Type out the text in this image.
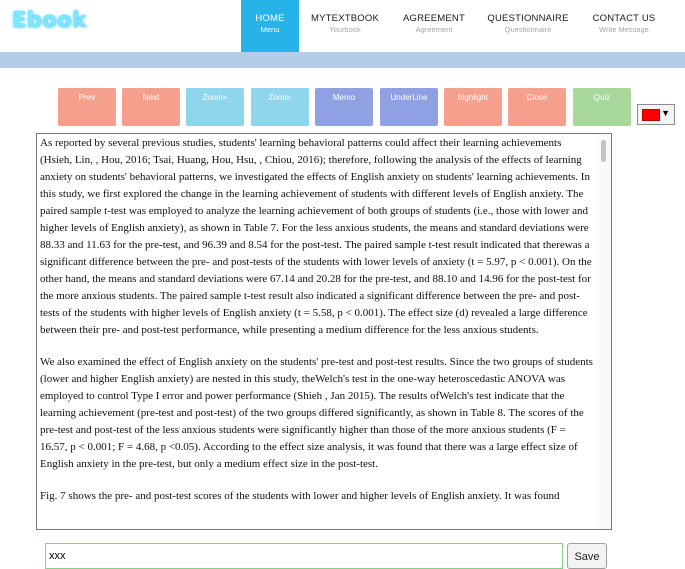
Ebook	HOME
Menu
MYTEXTBOOK
Yourbook
AGREEMENT
Agreement
QUESTIONNAIRE
Questionnaire
CONTACT US
Write Message
Prev	Next	Zoom+	Zoom-	Memo	UnderLine	highlight	Close	Quiz
▼

As reported by several previous studies, students' learning behavioral patterns could affect their learning achievements (Hsieh, Lin, , Hou, 2016; Tsai, Huang, Hou, Hsu, , Chiou, 2016); therefore, following the analysis of the effects of learning anxiety on students' behavioral patterns, we investigated the effects of English anxiety on students' learning achievements. In this study, we first explored the change in the learning achievement of students with different levels of English anxiety. The paired sample t-test was employed to analyze the learning achievement of both groups of students (i.e., those with lower and higher levels of English anxiety), as shown in Table 7. For the less anxious students, the means and standard deviations were 88.33 and 11.63 for the pre-test, and 96.39 and 8.54 for the post-test. The paired sample t-test result indicated that therewas a significant difference between the pre- and post-tests of the students with lower levels of anxiety (t = 5.97, p < 0.001). On the other hand, the means and standard deviations were 67.14 and 20.28 for the pre-test, and 88.10 and 14.96 for the post-test for the more anxious students. The paired sample t-test result also indicated a significant difference between the pre- and post-tests of the students with higher levels of English anxiety (t = 5.58, p < 0.001). The effect size (d) revealed a large difference between their pre- and post-test performance, while presenting a medium difference for the less anxious students.

We also examined the effect of English anxiety on the students' pre-test and post-test results. Since the two groups of students (lower and higher English anxiety) are nested in this study, theWelch's test in the one-way heteroscedastic ANOVA was employed to control Type I error and power performance (Shieh , Jan 2015). The results ofWelch's test indicate that the learning achievement (pre-test and post-test) of the two groups differed significantly, as shown in Table 8. The scores of the pre-test and post-test of the less anxious students were significantly higher than those of the more anxious students (F = 16.57, p < 0.001; F = 4.68, p <0.05). According to the effect size analysis, it was found that there was a large effect size of English anxiety in the pre-test, but only a medium effect size in the post-test.

Fig. 7 shows the pre- and post-test scores of the students with lower and higher levels of English anxiety. It was found

xxx
Save
